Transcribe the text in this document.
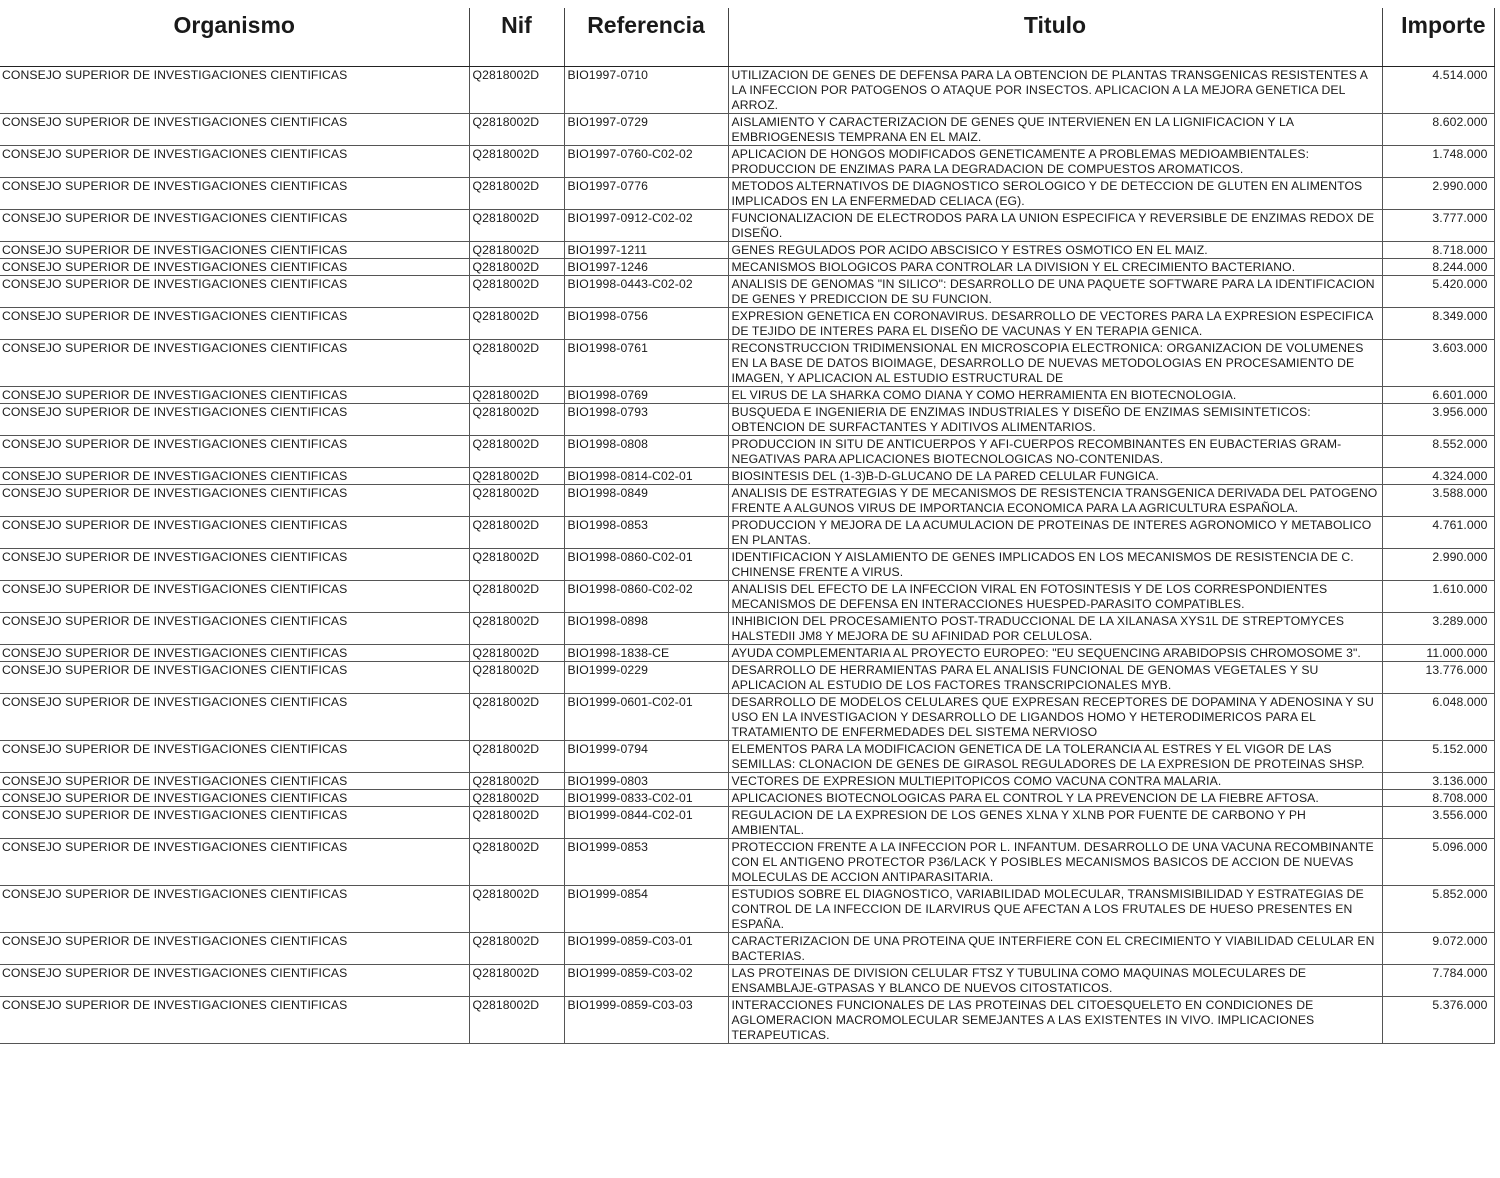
Organismo	Nif	Referencia	Titulo	Importe
CONSEJO SUPERIOR DE INVESTIGACIONES CIENTIFICAS	Q2818002D	BIO1997-0710	UTILIZACION DE GENES DE DEFENSA PARA LA OBTENCION DE PLANTAS TRANSGENICAS RESISTENTES A LA INFECCION POR PATOGENOS O ATAQUE POR INSECTOS. APLICACION A LA MEJORA GENETICA DEL ARROZ.	4.514.000
CONSEJO SUPERIOR DE INVESTIGACIONES CIENTIFICAS	Q2818002D	BIO1997-0729	AISLAMIENTO Y CARACTERIZACION DE GENES QUE INTERVIENEN EN LA LIGNIFICACION Y LA EMBRIOGENESIS TEMPRANA EN EL MAIZ.	8.602.000
CONSEJO SUPERIOR DE INVESTIGACIONES CIENTIFICAS	Q2818002D	BIO1997-0760-C02-02	APLICACION DE HONGOS MODIFICADOS GENETICAMENTE A PROBLEMAS MEDIOAMBIENTALES: PRODUCCION DE ENZIMAS PARA LA DEGRADACION DE COMPUESTOS AROMATICOS.	1.748.000
CONSEJO SUPERIOR DE INVESTIGACIONES CIENTIFICAS	Q2818002D	BIO1997-0776	METODOS ALTERNATIVOS DE DIAGNOSTICO SEROLOGICO Y DE DETECCION DE GLUTEN EN ALIMENTOS IMPLICADOS EN LA ENFERMEDAD CELIACA (EG).	2.990.000
CONSEJO SUPERIOR DE INVESTIGACIONES CIENTIFICAS	Q2818002D	BIO1997-0912-C02-02	FUNCIONALIZACION DE ELECTRODOS PARA LA UNION ESPECIFICA Y REVERSIBLE DE ENZIMAS REDOX DE DISEÑO.	3.777.000
CONSEJO SUPERIOR DE INVESTIGACIONES CIENTIFICAS	Q2818002D	BIO1997-1211	GENES REGULADOS POR ACIDO ABSCISICO Y ESTRES OSMOTICO EN EL MAIZ.	8.718.000
CONSEJO SUPERIOR DE INVESTIGACIONES CIENTIFICAS	Q2818002D	BIO1997-1246	MECANISMOS BIOLOGICOS PARA CONTROLAR LA DIVISION Y EL CRECIMIENTO BACTERIANO.	8.244.000
CONSEJO SUPERIOR DE INVESTIGACIONES CIENTIFICAS	Q2818002D	BIO1998-0443-C02-02	ANALISIS DE GENOMAS "IN SILICO": DESARROLLO DE UNA PAQUETE SOFTWARE PARA LA IDENTIFICACION DE GENES Y PREDICCION DE SU FUNCION.	5.420.000
CONSEJO SUPERIOR DE INVESTIGACIONES CIENTIFICAS	Q2818002D	BIO1998-0756	EXPRESION GENETICA EN CORONAVIRUS. DESARROLLO DE VECTORES PARA LA EXPRESION ESPECIFICA DE TEJIDO DE INTERES PARA EL DISEÑO DE VACUNAS Y EN TERAPIA GENICA.	8.349.000
CONSEJO SUPERIOR DE INVESTIGACIONES CIENTIFICAS	Q2818002D	BIO1998-0761	RECONSTRUCCION TRIDIMENSIONAL EN MICROSCOPIA ELECTRONICA: ORGANIZACION DE VOLUMENES EN LA BASE DE DATOS BIOIMAGE, DESARROLLO DE NUEVAS METODOLOGIAS EN PROCESAMIENTO DE IMAGEN, Y APLICACION AL ESTUDIO ESTRUCTURAL DE	3.603.000
CONSEJO SUPERIOR DE INVESTIGACIONES CIENTIFICAS	Q2818002D	BIO1998-0769	EL VIRUS DE LA SHARKA COMO DIANA Y COMO HERRAMIENTA EN BIOTECNOLOGIA.	6.601.000
CONSEJO SUPERIOR DE INVESTIGACIONES CIENTIFICAS	Q2818002D	BIO1998-0793	BUSQUEDA E INGENIERIA DE ENZIMAS INDUSTRIALES Y DISEÑO DE ENZIMAS SEMISINTETICOS: OBTENCION DE SURFACTANTES Y ADITIVOS ALIMENTARIOS.	3.956.000
CONSEJO SUPERIOR DE INVESTIGACIONES CIENTIFICAS	Q2818002D	BIO1998-0808	PRODUCCION IN SITU DE ANTICUERPOS Y AFI-CUERPOS RECOMBINANTES EN EUBACTERIAS GRAM-NEGATIVAS PARA APLICACIONES BIOTECNOLOGICAS NO-CONTENIDAS.	8.552.000
CONSEJO SUPERIOR DE INVESTIGACIONES CIENTIFICAS	Q2818002D	BIO1998-0814-C02-01	BIOSINTESIS DEL (1-3)B-D-GLUCANO DE LA PARED CELULAR FUNGICA.	4.324.000
CONSEJO SUPERIOR DE INVESTIGACIONES CIENTIFICAS	Q2818002D	BIO1998-0849	ANALISIS DE ESTRATEGIAS Y DE MECANISMOS DE RESISTENCIA TRANSGENICA DERIVADA DEL PATOGENO FRENTE A ALGUNOS VIRUS DE IMPORTANCIA ECONOMICA PARA LA AGRICULTURA ESPAÑOLA.	3.588.000
CONSEJO SUPERIOR DE INVESTIGACIONES CIENTIFICAS	Q2818002D	BIO1998-0853	PRODUCCION Y MEJORA DE LA ACUMULACION DE PROTEINAS DE INTERES AGRONOMICO Y METABOLICO EN PLANTAS.	4.761.000
CONSEJO SUPERIOR DE INVESTIGACIONES CIENTIFICAS	Q2818002D	BIO1998-0860-C02-01	IDENTIFICACION Y AISLAMIENTO DE GENES IMPLICADOS EN LOS MECANISMOS DE RESISTENCIA DE C. CHINENSE FRENTE A VIRUS.	2.990.000
CONSEJO SUPERIOR DE INVESTIGACIONES CIENTIFICAS	Q2818002D	BIO1998-0860-C02-02	ANALISIS DEL EFECTO DE LA INFECCION VIRAL EN FOTOSINTESIS Y DE LOS CORRESPONDIENTES MECANISMOS DE DEFENSA EN INTERACCIONES HUESPED-PARASITO COMPATIBLES.	1.610.000
CONSEJO SUPERIOR DE INVESTIGACIONES CIENTIFICAS	Q2818002D	BIO1998-0898	INHIBICION DEL PROCESAMIENTO POST-TRADUCCIONAL DE LA XILANASA XYS1L DE STREPTOMYCES HALSTEDII JM8 Y MEJORA DE SU AFINIDAD POR CELULOSA.	3.289.000
CONSEJO SUPERIOR DE INVESTIGACIONES CIENTIFICAS	Q2818002D	BIO1998-1838-CE	AYUDA COMPLEMENTARIA AL PROYECTO EUROPEO: "EU SEQUENCING ARABIDOPSIS CHROMOSOME 3".	11.000.000
CONSEJO SUPERIOR DE INVESTIGACIONES CIENTIFICAS	Q2818002D	BIO1999-0229	DESARROLLO DE HERRAMIENTAS PARA EL ANALISIS FUNCIONAL DE GENOMAS VEGETALES Y SU APLICACION AL ESTUDIO DE LOS FACTORES TRANSCRIPCIONALES MYB.	13.776.000
CONSEJO SUPERIOR DE INVESTIGACIONES CIENTIFICAS	Q2818002D	BIO1999-0601-C02-01	DESARROLLO DE MODELOS CELULARES QUE EXPRESAN RECEPTORES DE DOPAMINA Y ADENOSINA Y SU USO EN LA INVESTIGACION Y DESARROLLO DE LIGANDOS HOMO Y HETERODIMERICOS PARA EL TRATAMIENTO DE ENFERMEDADES DEL SISTEMA NERVIOSO	6.048.000
CONSEJO SUPERIOR DE INVESTIGACIONES CIENTIFICAS	Q2818002D	BIO1999-0794	ELEMENTOS PARA LA MODIFICACION GENETICA DE LA TOLERANCIA AL ESTRES Y EL VIGOR DE LAS SEMILLAS: CLONACION DE GENES DE GIRASOL REGULADORES DE LA EXPRESION DE PROTEINAS SHSP.	5.152.000
CONSEJO SUPERIOR DE INVESTIGACIONES CIENTIFICAS	Q2818002D	BIO1999-0803	VECTORES DE EXPRESION MULTIEPITOPICOS COMO VACUNA CONTRA MALARIA.	3.136.000
CONSEJO SUPERIOR DE INVESTIGACIONES CIENTIFICAS	Q2818002D	BIO1999-0833-C02-01	APLICACIONES BIOTECNOLOGICAS PARA EL CONTROL Y LA PREVENCION DE LA FIEBRE AFTOSA.	8.708.000
CONSEJO SUPERIOR DE INVESTIGACIONES CIENTIFICAS	Q2818002D	BIO1999-0844-C02-01	REGULACION DE LA EXPRESION DE LOS GENES XLNA Y XLNB POR FUENTE DE CARBONO Y PH AMBIENTAL.	3.556.000
CONSEJO SUPERIOR DE INVESTIGACIONES CIENTIFICAS	Q2818002D	BIO1999-0853	PROTECCION FRENTE A LA INFECCION POR L. INFANTUM. DESARROLLO DE UNA VACUNA RECOMBINANTE CON EL ANTIGENO PROTECTOR P36/LACK Y POSIBLES MECANISMOS BASICOS DE ACCION DE NUEVAS MOLECULAS DE ACCION ANTIPARASITARIA.	5.096.000
CONSEJO SUPERIOR DE INVESTIGACIONES CIENTIFICAS	Q2818002D	BIO1999-0854	ESTUDIOS SOBRE EL DIAGNOSTICO, VARIABILIDAD MOLECULAR, TRANSMISIBILIDAD Y ESTRATEGIAS DE CONTROL DE LA INFECCION DE ILARVIRUS QUE AFECTAN A LOS FRUTALES DE HUESO PRESENTES EN ESPAÑA.	5.852.000
CONSEJO SUPERIOR DE INVESTIGACIONES CIENTIFICAS	Q2818002D	BIO1999-0859-C03-01	CARACTERIZACION DE UNA PROTEINA QUE INTERFIERE CON EL CRECIMIENTO Y VIABILIDAD CELULAR EN BACTERIAS.	9.072.000
CONSEJO SUPERIOR DE INVESTIGACIONES CIENTIFICAS	Q2818002D	BIO1999-0859-C03-02	LAS PROTEINAS DE DIVISION CELULAR FTSZ Y TUBULINA COMO MAQUINAS MOLECULARES DE ENSAMBLAJE-GTPASAS Y BLANCO DE NUEVOS CITOSTATICOS.	7.784.000
CONSEJO SUPERIOR DE INVESTIGACIONES CIENTIFICAS	Q2818002D	BIO1999-0859-C03-03	INTERACCIONES FUNCIONALES DE LAS PROTEINAS DEL CITOESQUELETO EN CONDICIONES DE AGLOMERACION MACROMOLECULAR SEMEJANTES A LAS EXISTENTES IN VIVO. IMPLICACIONES TERAPEUTICAS.	5.376.000
